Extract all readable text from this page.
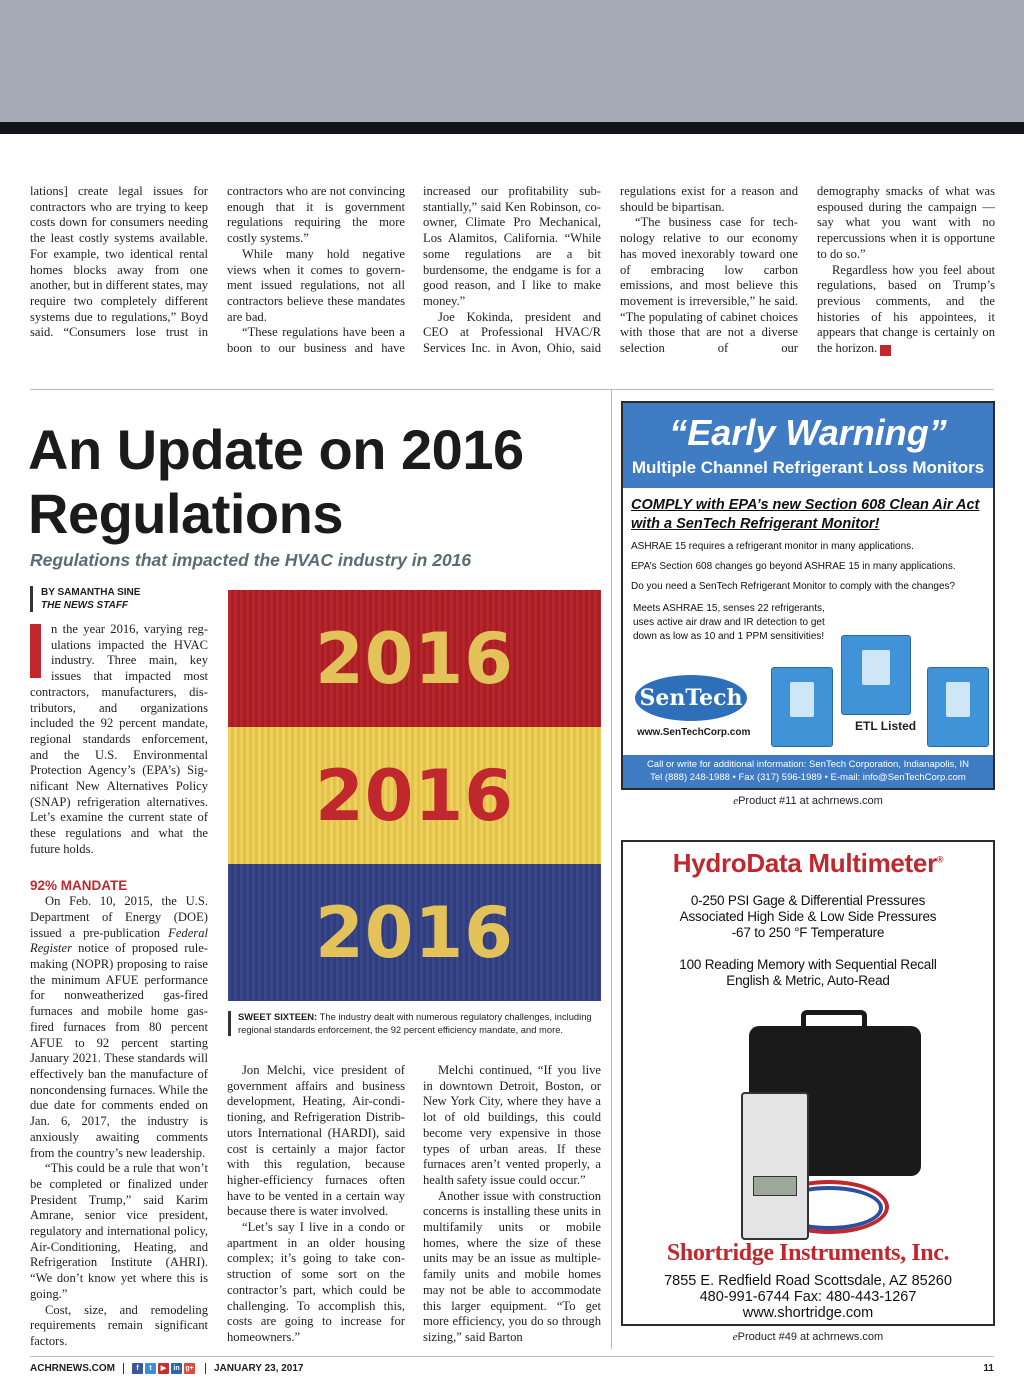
lations] create legal issues for contractors who are trying to keep costs down for consumers needing the least costly systems available. For example, two identical rental homes blocks away from one another, but in different states, may require two completely different systems due to regulations,” Boyd said. “Consumers lose trust in

contractors who are not convincing enough that it is government regulations requiring the more costly systems.”

While many hold negative views when it comes to government issued regulations, not all contractors believe these mandates are bad.

“These regulations have been a boon to our business and have

increased our profitability substantially,” said Ken Robinson, co-owner, Climate Pro Mechanical, Los Alamitos, California. “While some regulations are a bit burdensome, the endgame is for a good reason, and I like to make money.”

Joe Kokinda, president and CEO at Professional HVAC/R Services Inc. in Avon, Ohio, said

regulations exist for a reason and should be bipartisan.

“The business case for technology relative to our economy has moved inexorably toward one of embracing low carbon emissions, and most believe this movement is irreversible,” he said. “The populating of cabinet choices with those that are not a diverse selection of our

demography smacks of what was espoused during the campaign — say what you want with no repercussions when it is opportune to do so.”

Regardless how you feel about regulations, based on Trump’s previous comments, and the histories of his appointees, it appears that change is certainly on the horizon. N

An Update on 2016 Regulations
Regulations that impacted the HVAC industry in 2016
BY SAMANTHA SINE
THE NEWS STAFF

n the year 2016, varying regulations impacted the HVAC industry. Three main, key issues that impacted most contractors, manufacturers, distributors, and organizations included the 92 percent mandate, regional standards enforcement, and the U.S. Environmental Protection Agency’s (EPA’s) Significant New Alternatives Policy (SNAP) refrigeration alternatives. Let’s examine the current state of these regulations and what the future holds.

92% MANDATE

On Feb. 10, 2015, the U.S. Department of Energy (DOE) issued a pre-publication Federal Register notice of proposed rulemaking (NOPR) proposing to raise the minimum AFUE performance for nonweatherized gas-fired furnaces and mobile home gas-fired furnaces from 80 percent AFUE to 92 percent starting January 2021. These standards will effectively ban the manufacture of noncondensing furnaces. While the due date for comments ended on Jan. 6, 2017, the industry is anxiously awaiting comments from the country’s new leadership.

“This could be a rule that won’t be completed or finalized under President Trump,” said Karim Amrane, senior vice president, regulatory and international policy, Air-Conditioning, Heating, and Refrigeration Institute (AHRI). “We don’t know yet where this is going.”

Cost, size, and remodeling requirements remain significant factors.

2016
2016
2016
SWEET SIXTEEN: The industry dealt with numerous regulatory challenges, including regional standards enforcement, the 92 percent efficiency mandate, and more.

Jon Melchi, vice president of government affairs and business development, Heating, Air-conditioning, and Refrigeration Distributors International (HARDI), said cost is certainly a major factor with this regulation, because higher-efficiency furnaces often have to be vented in a certain way because there is water involved.

“Let’s say I live in a condo or apartment in an older housing complex; it’s going to take construction of some sort on the contractor’s part, which could be challenging. To accomplish this, costs are going to increase for homeowners.”

Melchi continued, “If you live in downtown Detroit, Boston, or New York City, where they have a lot of old buildings, this could become very expensive in those types of urban areas. If these furnaces aren’t vented properly, a health safety issue could occur.”

Another issue with construction concerns is installing these units in multifamily units or mobile homes, where the size of these units may be an issue as multiple-family units and mobile homes may not be able to accommodate this larger equipment. “To get more efficiency, you do so through sizing,” said Barton

“Early Warning”
Multiple Channel Refrigerant Loss Monitors
COMPLY with EPA’s new Section 608 Clean Air Act with a SenTech Refrigerant Monitor!
ASHRAE 15 requires a refrigerant monitor in many applications.
EPA’s Section 608 changes go beyond ASHRAE 15 in many applications.
Do you need a SenTech Refrigerant Monitor to comply with the changes?
Meets ASHRAE 15, senses 22 refrigerants, uses active air draw and IR detection to get down as low as 10 and 1 PPM sensitivities!
SenTech
www.SenTechCorp.com	ETL Listed
Call or write for additional information: SenTech Corporation, Indianapolis, IN
Tel (888) 248-1988 • Fax (317) 596-1989 • E-mail: info@SenTechCorp.com
eProduct #11 at achrnews.com
HydroData Multimeter®
0-250 PSI Gage & Differential Pressures
Associated High Side & Low Side Pressures
-67 to 250 °F Temperature
100 Reading Memory with Sequential Recall
English & Metric, Auto-Read
Shortridge Instruments, Inc.
7855 E. Redfield Road Scottsdale, AZ 85260
480-991-6744 Fax: 480-443-1267
www.shortridge.com
eProduct #49 at achrnews.com
ACHRNEWS.COM	f	t	▶	in g+ JANUARY 23, 2017	11
